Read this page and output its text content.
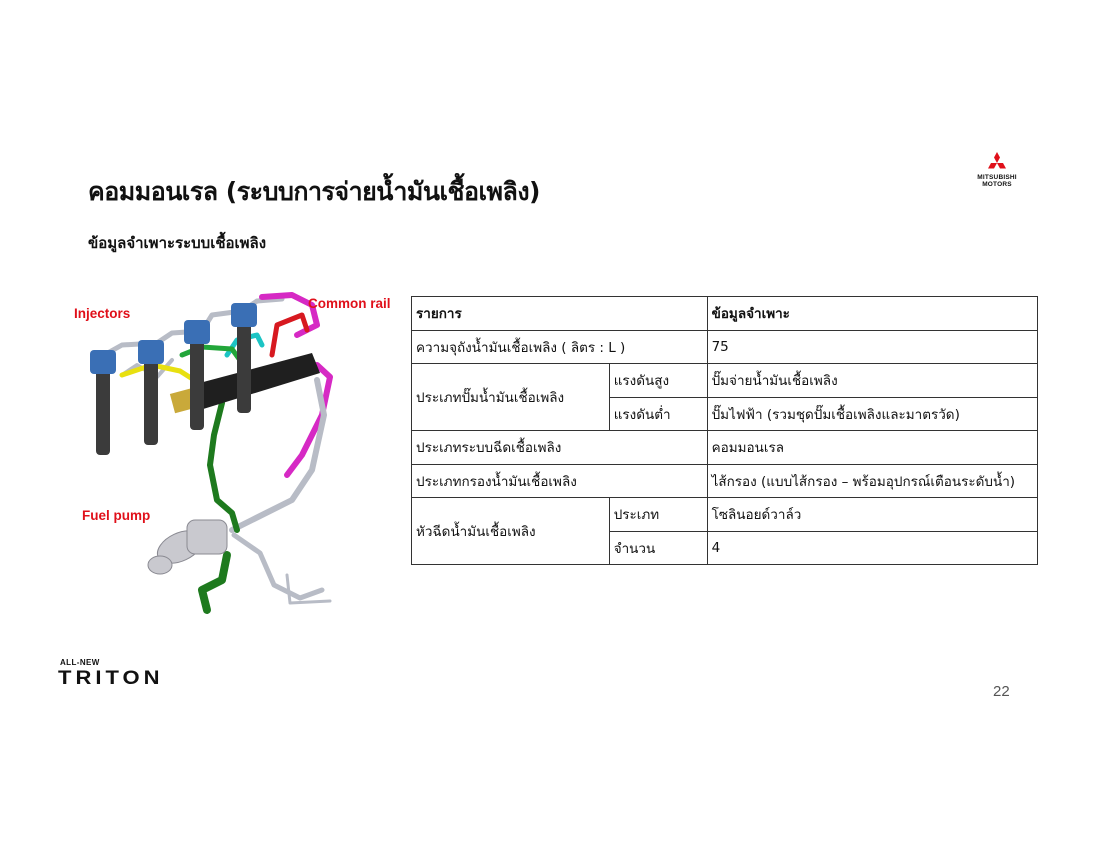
คอมมอนเรล (ระบบการจ่ายน้ำมันเชื้อเพลิง)
ข้อมูลจำเพาะระบบเชื้อเพลิง
MITSUBISHI
MOTORS
Injectors
Common rail
Fuel pump
รายการ		ข้อมูลจำเพาะ
ความจุถังน้ำมันเชื้อเพลิง ( ลิตร : L )		75
ประเภทปั๊มน้ำมันเชื้อเพลิง	แรงดันสูง	ปั๊มจ่ายน้ำมันเชื้อเพลิง
	แรงดันต่ำ	ปั๊มไฟฟ้า (รวมชุดปั๊มเชื้อเพลิงและมาตรวัด)
ประเภทระบบฉีดเชื้อเพลิง		คอมมอนเรล
ประเภทกรองน้ำมันเชื้อเพลิง		ไส้กรอง (แบบไส้กรอง – พร้อมอุปกรณ์เตือนระดับน้ำ)
หัวฉีดน้ำมันเชื้อเพลิง	ประเภท	โซลินอยด์วาล์ว
	จำนวน	4
ALL-NEW
TRITON
22
